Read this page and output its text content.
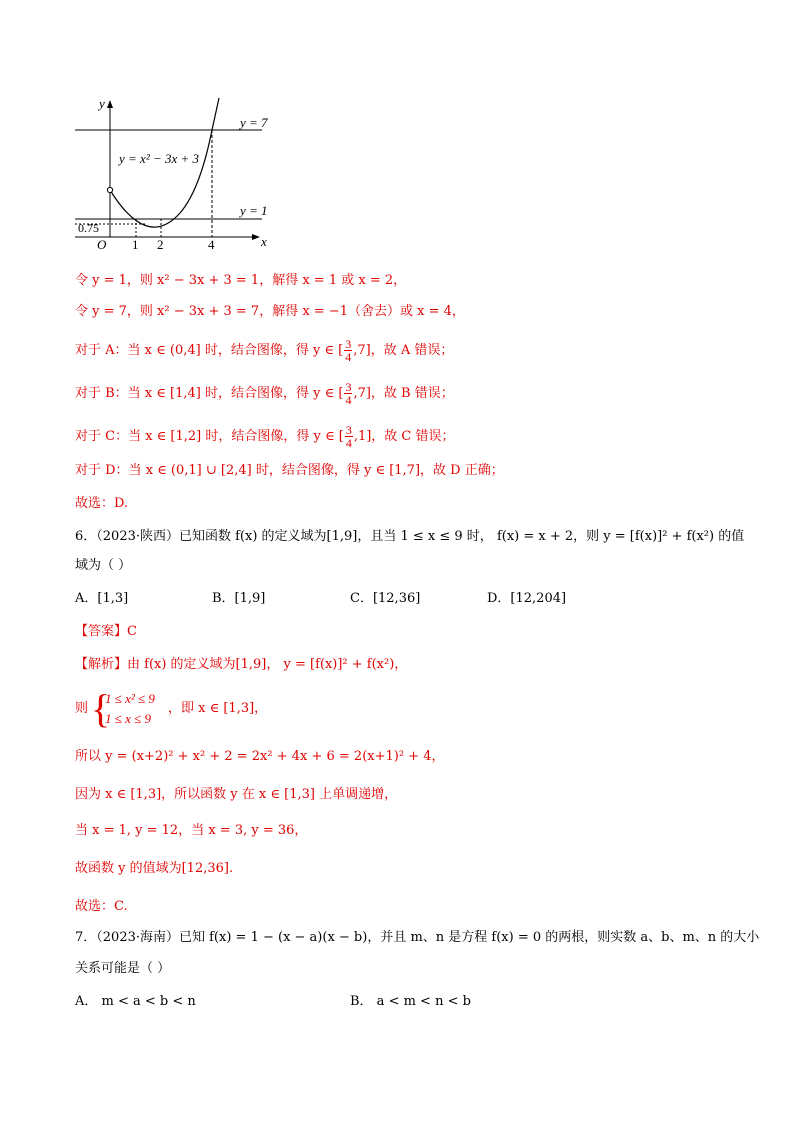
y
x
O
y = 7
y = 1
y = x² − 3x + 3
0.75
1 2	4
令 y = 1，则 x² − 3x + 3 = 1，解得 x = 1 或 x = 2，
令 y = 7，则 x² − 3x + 3 = 7，解得 x = −1（舍去）或 x = 4，
对于 A：当 x ∈ (0,4] 时，结合图像，得 y ∈ [ $\frac{3}{4} ,7$]，故 A 错误；
对于 B：当 x ∈ [1,4] 时，结合图像，得 y ∈ [ $\frac{3}{4} ,7$]，故 B 错误；
对于 C：当 x ∈ [1,2] 时，结合图像，得 y ∈ [ $\frac{3}{4} ,1$]，故 C 错误；
对于 D：当 x ∈ (0,1] ∪ [2,4] 时，结合图像，得 y ∈ [1,7]，故 D 正确；
故选：D.
6．（2023·陕西）已知函数 f(x) 的定义域为[1,9]，且当 1 ≤ x ≤ 9 时， f(x) = x + 2，则 y = [f(x)]² + f(x²) 的值
域为（ ）
A．[1,3]	B．[1,9]	C．[12,36]	D．[12,204]
【答案】C
【解析】由 f(x) 的定义域为[1,9]， y = [f(x)]² + f(x²)，
则 {
1 ≤ x² ≤ 9
1 ≤ x ≤ 9
，即 x ∈ [1,3]，
所以 y = (x+2)² + x² + 2 = 2x² + 4x + 6 = 2(x+1)² + 4，
因为 x ∈ [1,3]，所以函数 y 在 x ∈ [1,3] 上单调递增，
当 x = 1, y = 12，当 x = 3, y = 36，
故函数 y 的值域为[12,36].
故选：C.
7．（2023·海南）已知 f(x) = 1 − (x − a)(x − b)，并且 m、n 是方程 f(x) = 0 的两根，则实数 a、b、m、n 的大小
关系可能是（ ）
A． m < a < b < n	B． a < m < n < b
